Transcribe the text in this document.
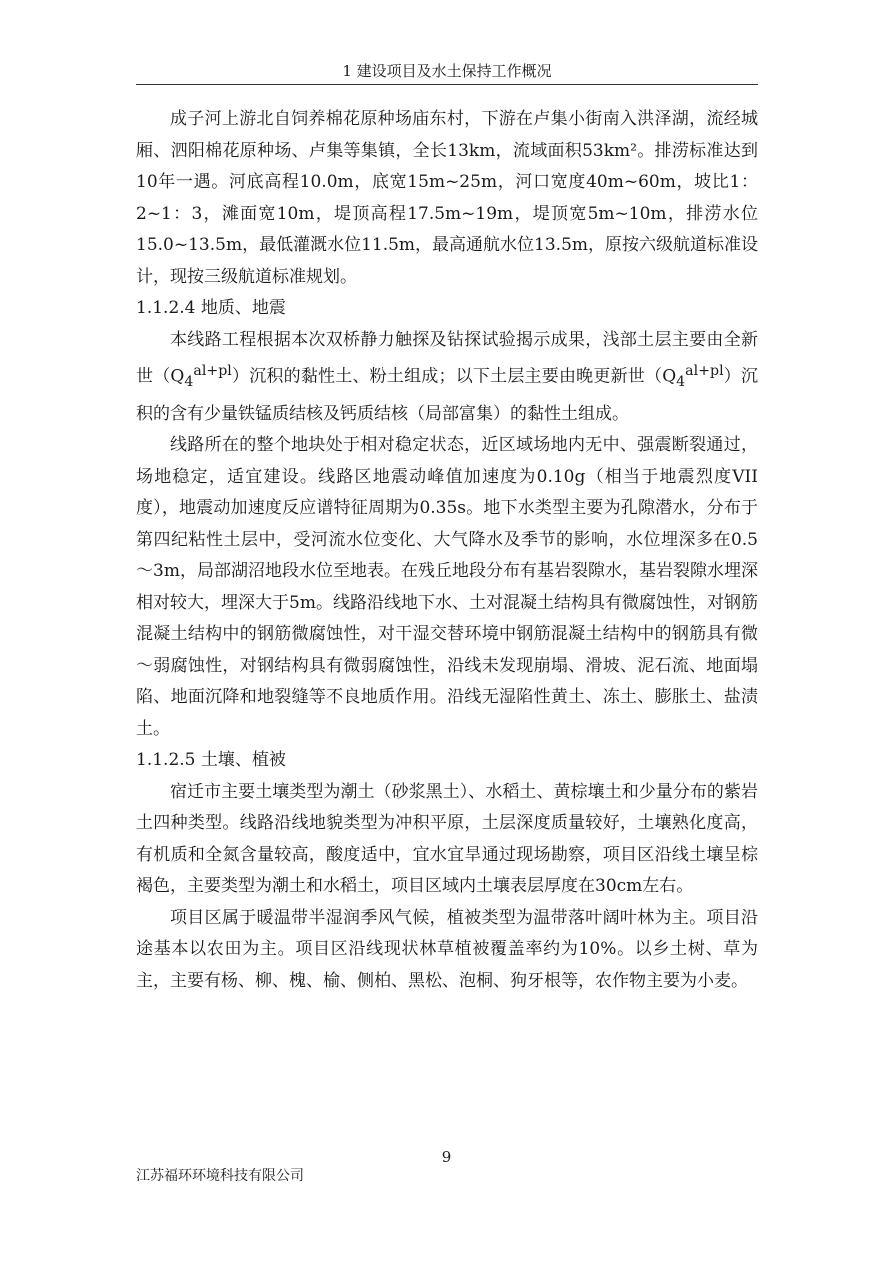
1 建设项目及水土保持工作概况

成子河上游北自饲养棉花原种场庙东村，下游在卢集小街南入洪泽湖，流经城厢、泗阳棉花原种场、卢集等集镇，全长13km，流域面积53km²。排涝标准达到10年一遇。河底高程10.0m，底宽15m~25m，河口宽度40m~60m，坡比1：2~1：3，滩面宽10m，堤顶高程17.5m~19m，堤顶宽5m~10m，排涝水位15.0~13.5m，最低灌溉水位11.5m，最高通航水位13.5m，原按六级航道标准设计，现按三级航道标准规划。

1.1.2.4 地质、地震

本线路工程根据本次双桥静力触探及钻探试验揭示成果，浅部土层主要由全新世$(Q_4^{al+pl})$沉积的黏性土、粉土组成；以下土层主要由晚更新世$(Q_4^{al+pl})$沉积的含有少量铁锰质结核及钙质结核（局部富集）的黏性土组成。

线路所在的整个地块处于相对稳定状态，近区域场地内无中、强震断裂通过，场地稳定，适宜建设。线路区地震动峰值加速度为0.10g（相当于地震烈度VII度），地震动加速度反应谱特征周期为0.35s。地下水类型主要为孔隙潜水，分布于第四纪粘性土层中，受河流水位变化、大气降水及季节的影响，水位埋深多在0.5～3m，局部湖沼地段水位至地表。在残丘地段分布有基岩裂隙水，基岩裂隙水埋深相对较大，埋深大于5m。线路沿线地下水、土对混凝土结构具有微腐蚀性，对钢筋混凝土结构中的钢筋微腐蚀性，对干湿交替环境中钢筋混凝土结构中的钢筋具有微～弱腐蚀性，对钢结构具有微弱腐蚀性，沿线未发现崩塌、滑坡、泥石流、地面塌陷、地面沉降和地裂缝等不良地质作用。沿线无湿陷性黄土、冻土、膨胀土、盐渍土。

1.1.2.5 土壤、植被

宿迁市主要土壤类型为潮土（砂浆黑土）、水稻土、黄棕壤土和少量分布的紫岩土四种类型。线路沿线地貌类型为冲积平原，土层深度质量较好，土壤熟化度高，有机质和全氮含量较高，酸度适中，宜水宜旱通过现场勘察，项目区沿线土壤呈棕褐色，主要类型为潮土和水稻土，项目区域内土壤表层厚度在30cm左右。

项目区属于暖温带半湿润季风气候，植被类型为温带落叶阔叶林为主。项目沿途基本以农田为主。项目区沿线现状林草植被覆盖率约为10%。以乡土树、草为主，主要有杨、柳、槐、榆、侧柏、黑松、泡桐、狗牙根等，农作物主要为小麦。

9
江苏福环环境科技有限公司
